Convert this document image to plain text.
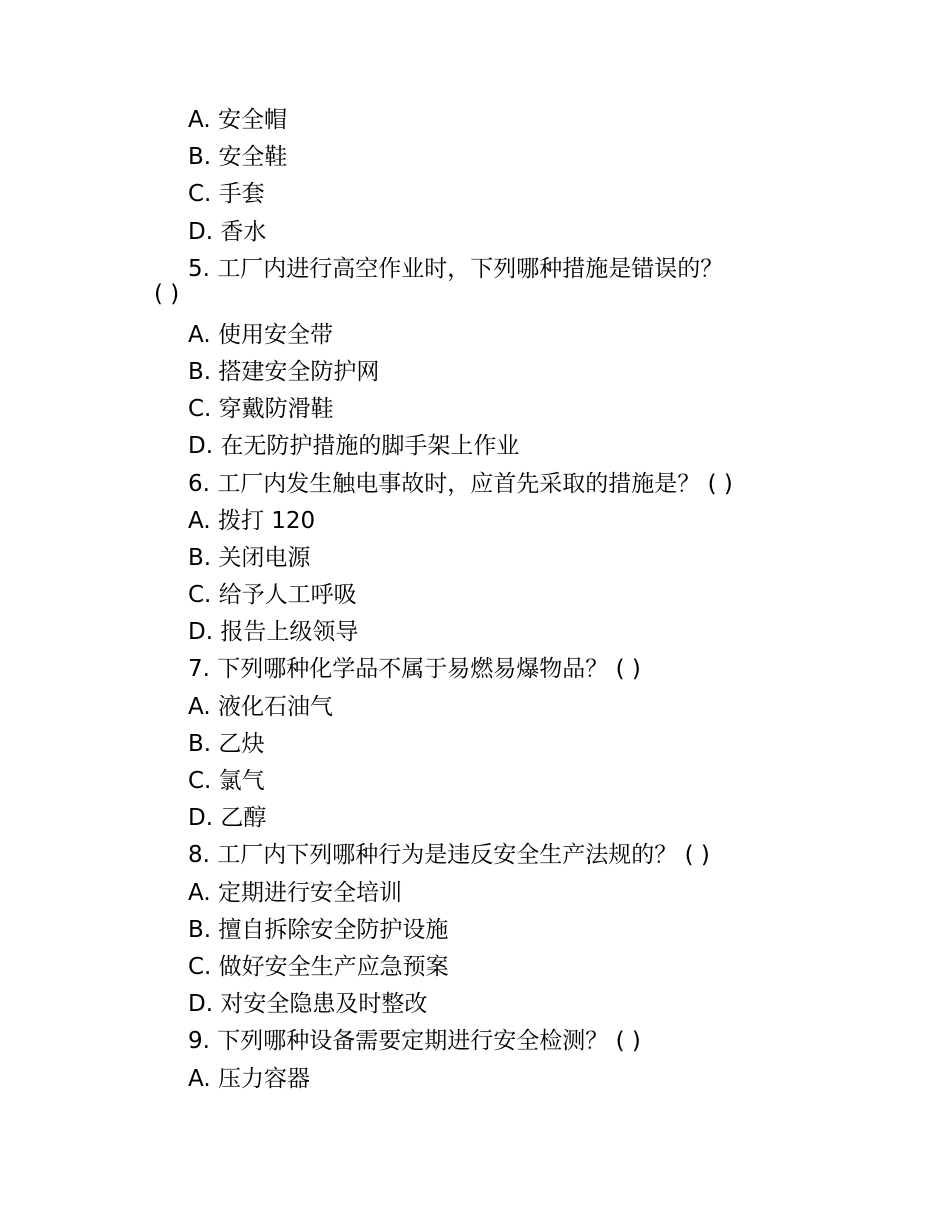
A. 安全帽
B. 安全鞋
C. 手套
D. 香水
5. 工厂内进行高空作业时，下列哪种措施是错误的？
( )
A. 使用安全带
B. 搭建安全防护网
C. 穿戴防滑鞋
D. 在无防护措施的脚手架上作业
6. 工厂内发生触电事故时，应首先采取的措施是？ ( )
A. 拨打 120
B. 关闭电源
C. 给予人工呼吸
D. 报告上级领导
7. 下列哪种化学品不属于易燃易爆物品？ ( )
A. 液化石油气
B. 乙炔
C. 氯气
D. 乙醇
8. 工厂内下列哪种行为是违反安全生产法规的？ ( )
A. 定期进行安全培训
B. 擅自拆除安全防护设施
C. 做好安全生产应急预案
D. 对安全隐患及时整改
9. 下列哪种设备需要定期进行安全检测？ ( )
A. 压力容器
